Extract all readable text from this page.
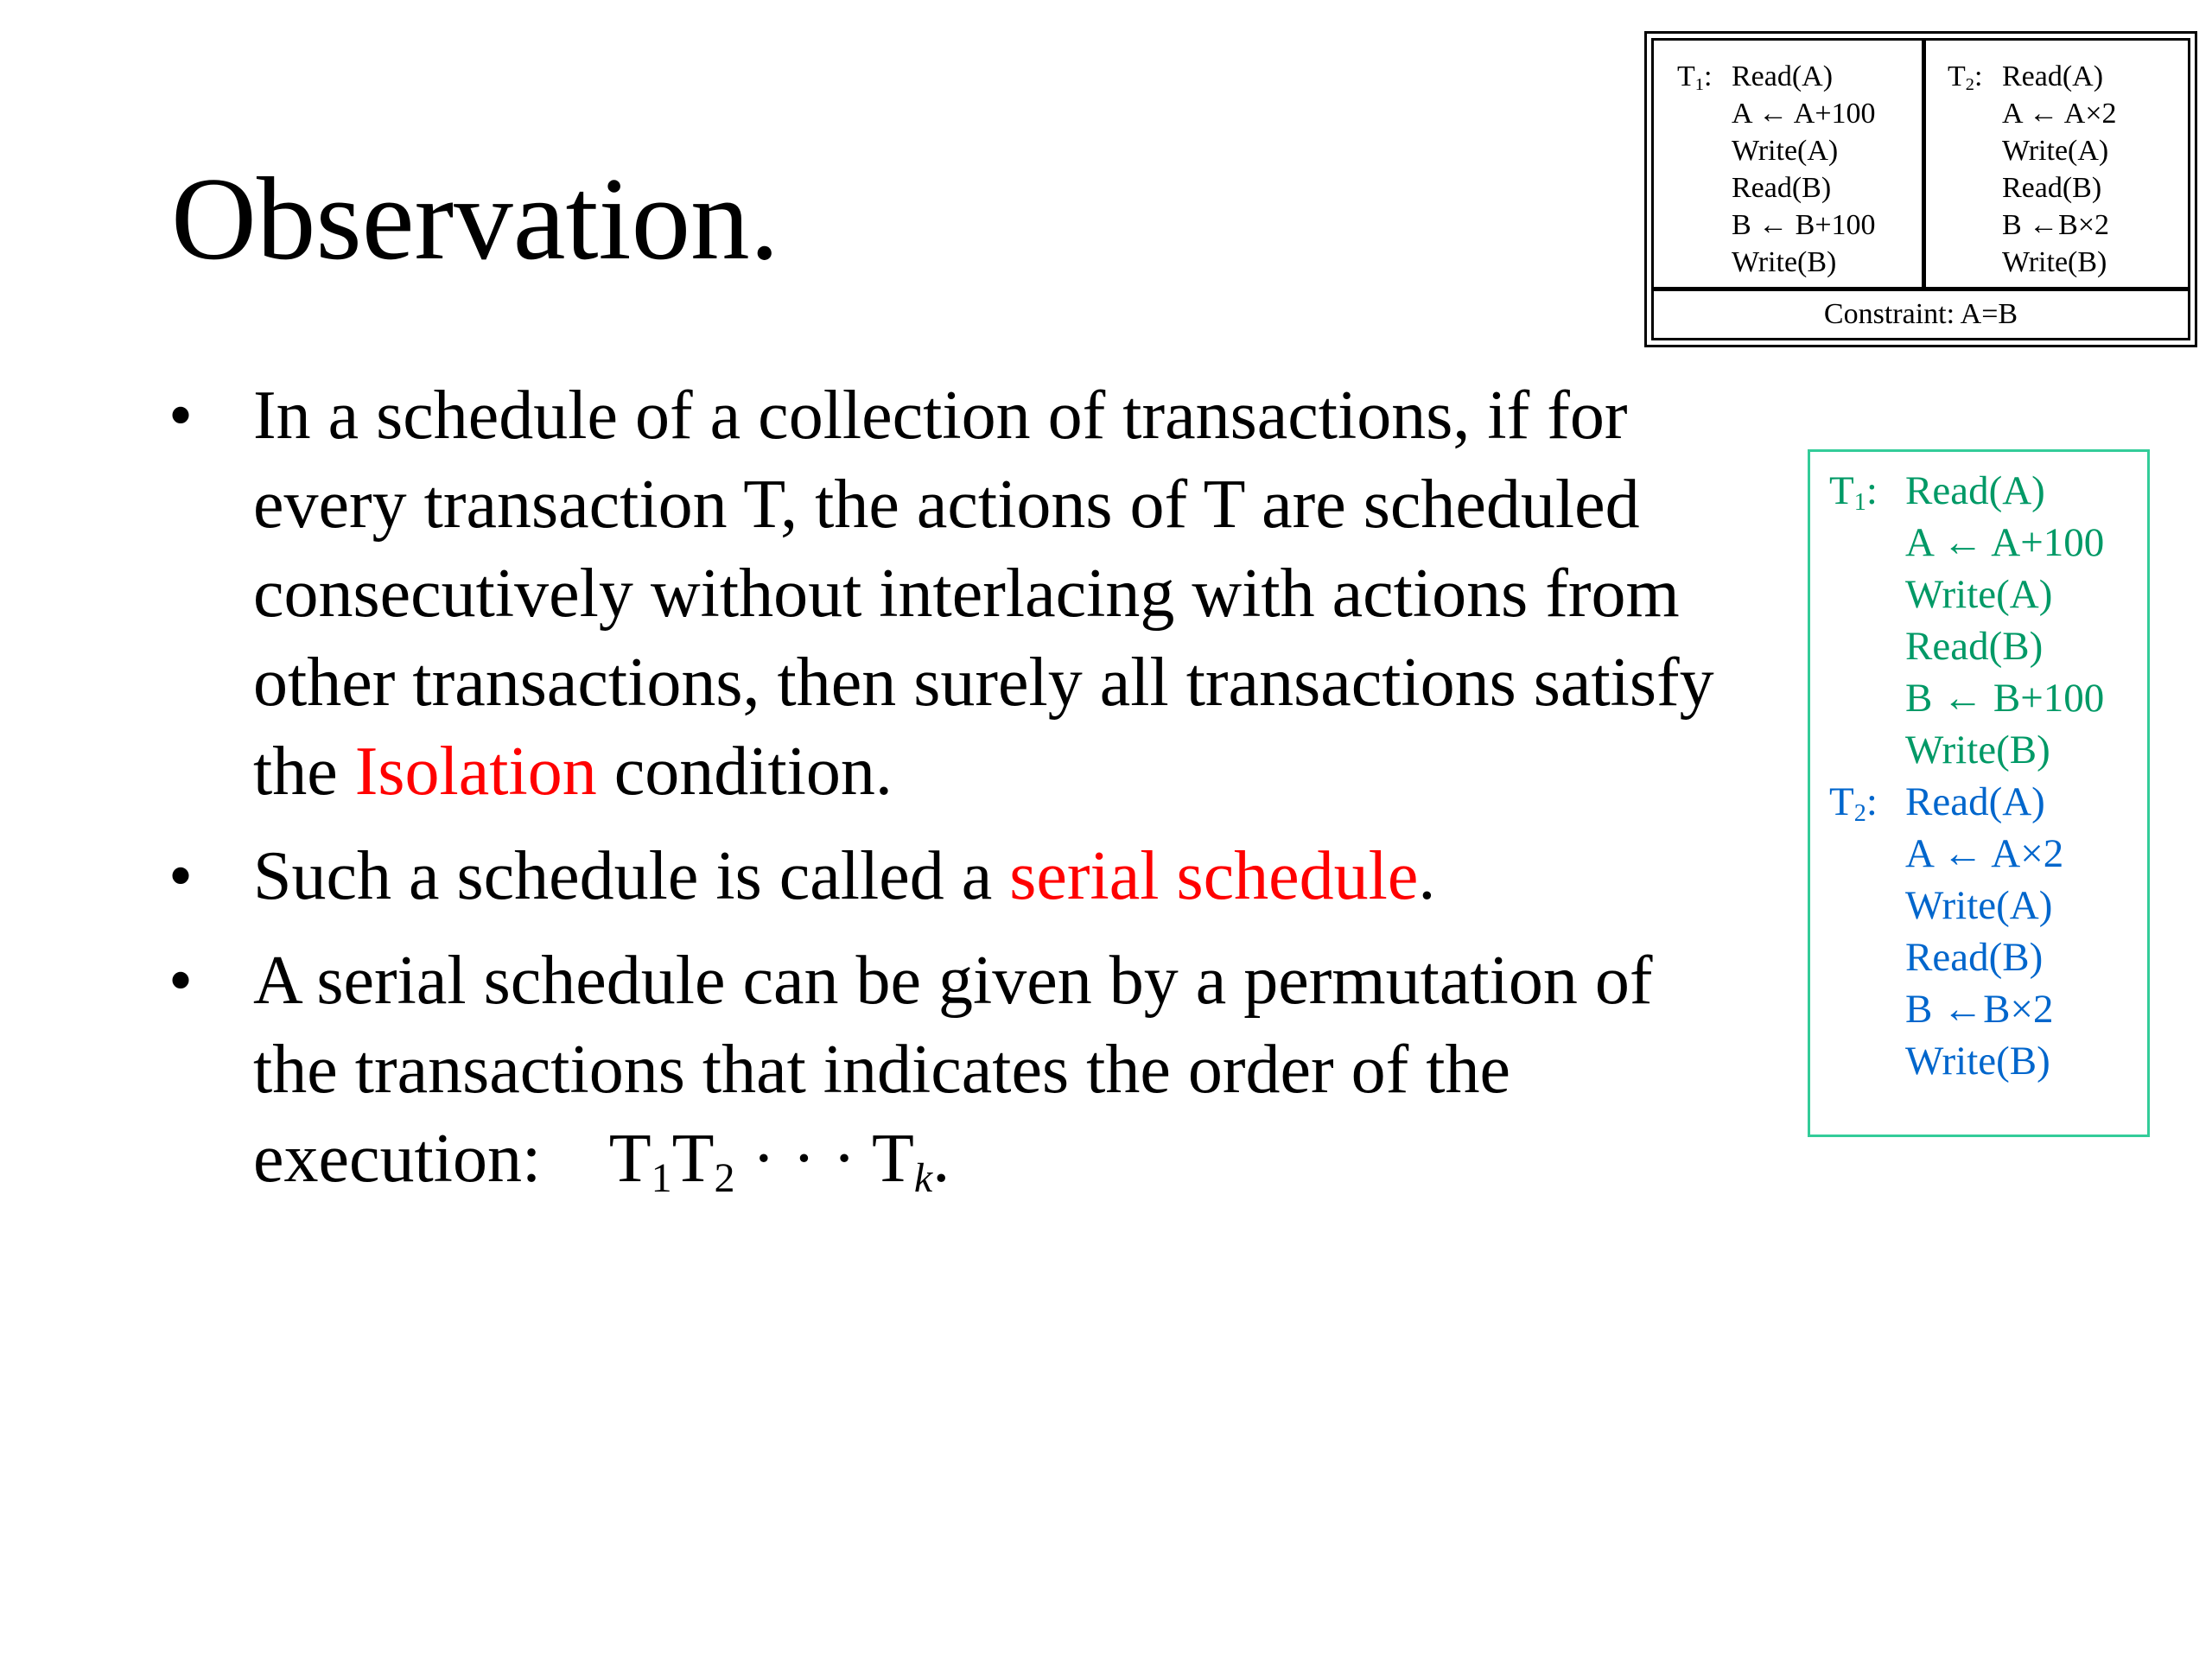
Observation.
$T_1$: Read(A)
A ← A+100
Write(A)
Read(B)
B ← B+100
Write(B)
$T_2$: Read(A)
A ← A×2
Write(A)
Read(B)
B ←B×2
Write(B)
Constraint: A=B
• In a schedule of a collection of transactions, if for every transaction T, the actions of T are scheduled consecutively without interlacing with actions from other transactions, then surely all transactions satisfy the Isolation condition.
• Such a schedule is called a serial schedule.
• A serial schedule can be given by a permutation of the transactions that indicates the order of the execution:    $T_1T_2$ · · · $T_k$.
$T_1$: Read(A)
A ← A+100
Write(A)
Read(B)
B ← B+100
Write(B)
$T_2$: Read(A)
A ← A×2
Write(A)
Read(B)
B ←B×2
Write(B)
